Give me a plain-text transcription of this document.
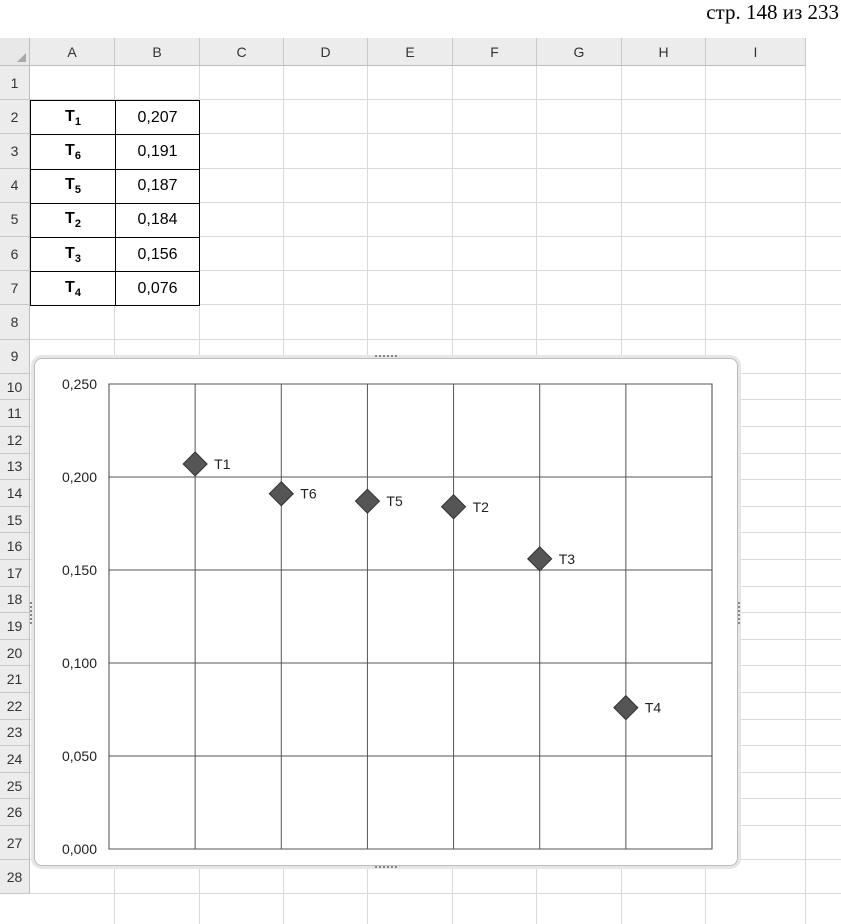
стр. 148 из 233
A	B	C	D	E	F	G	H	I
1
2
3
4
5
6
7
8
9
10
11
12
13
14
15
16
17
18
19
20
21
22
23
24
25
26
27
28
$T_1$	0,207
$T_6$	0,191
$T_5$	0,187
$T_2$	0,184
$T_3$	0,156
$T_4$	0,076
0,000
0,050
0,100
0,150
0,200
0,250
T1
T6	T5	T2
T3
T4
